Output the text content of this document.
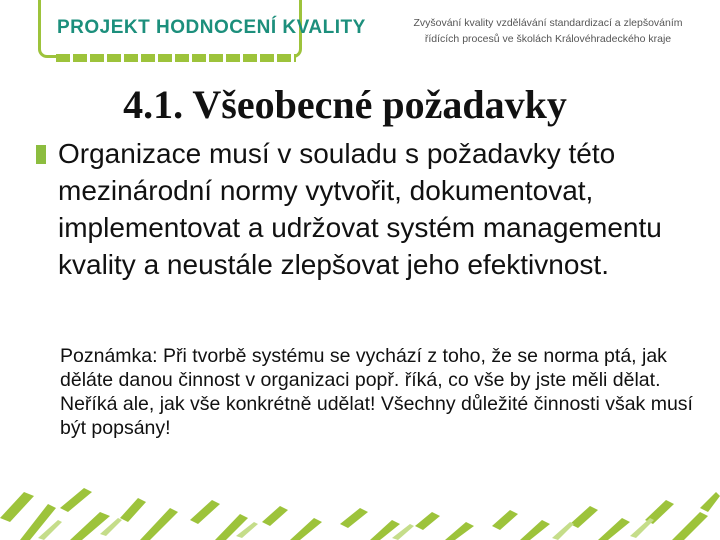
PROJEKT HODNOCENÍ KVALITY	Zvyšování kvality vzdělávání standardizací a zlepšováním
řídících procesů ve školách Královéhradeckého kraje
4.1. Všeobecné požadavky
Organizace musí v souladu s požadavky této mezinárodní normy vytvořit, dokumentovat, implementovat a udržovat systém managementu kvality a neustále zlepšovat jeho efektivnost.
Poznámka: Při tvorbě systému se vychází z toho, že se norma ptá, jak děláte danou činnost v organizaci popř. říká, co vše by jste měli dělat. Neříká ale, jak vše konkrétně udělat! Všechny důležité činnosti však musí být popsány!
